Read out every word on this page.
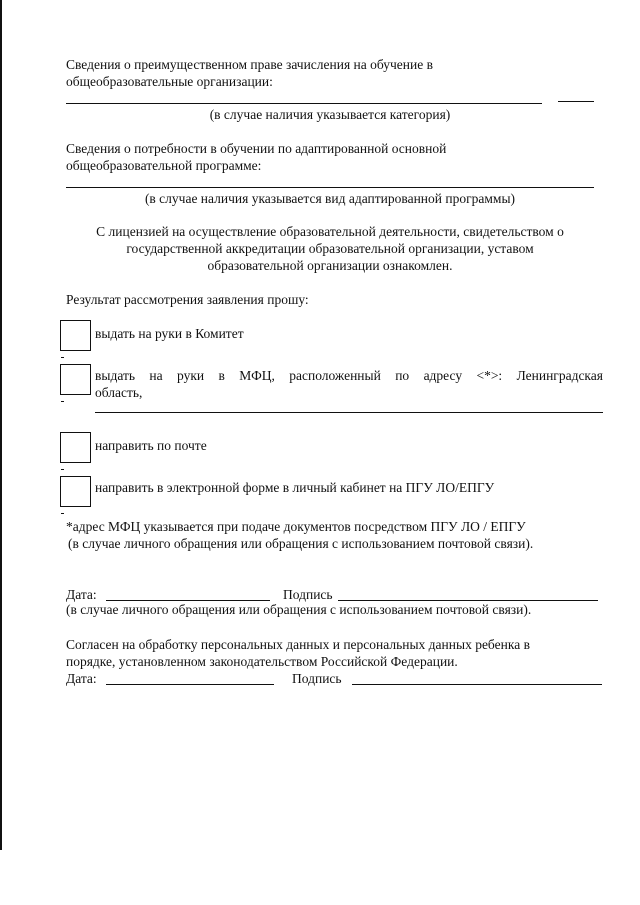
Сведения о преимущественном праве зачисления на обучение в
общеобразовательные организации:
(в случае наличия указывается категория)
Сведения о потребности в обучении по адаптированной основной
общеобразовательной программе:
(в случае наличия указывается вид адаптированной программы)
С лицензией на осуществление образовательной деятельности, свидетельством о
государственной аккредитации образовательной организации, уставом
образовательной организации ознакомлен.
Результат рассмотрения заявления прошу:
выдать на руки в Комитет
выдать на руки в МФЦ, расположенный по адресу <*>: Ленинградская
область,
направить по почте
направить в электронной форме в личный кабинет на ПГУ ЛО/ЕПГУ
*адрес МФЦ указывается при подаче документов посредством ПГУ ЛО / ЕПГУ
(в случае личного обращения или обращения с использованием почтовой связи).
Дата:	Подпись
(в случае личного обращения или обращения с использованием почтовой связи).
Согласен на обработку персональных данных и персональных данных ребенка в
порядке, установленном законодательством Российской Федерации.
Дата:	Подпись
